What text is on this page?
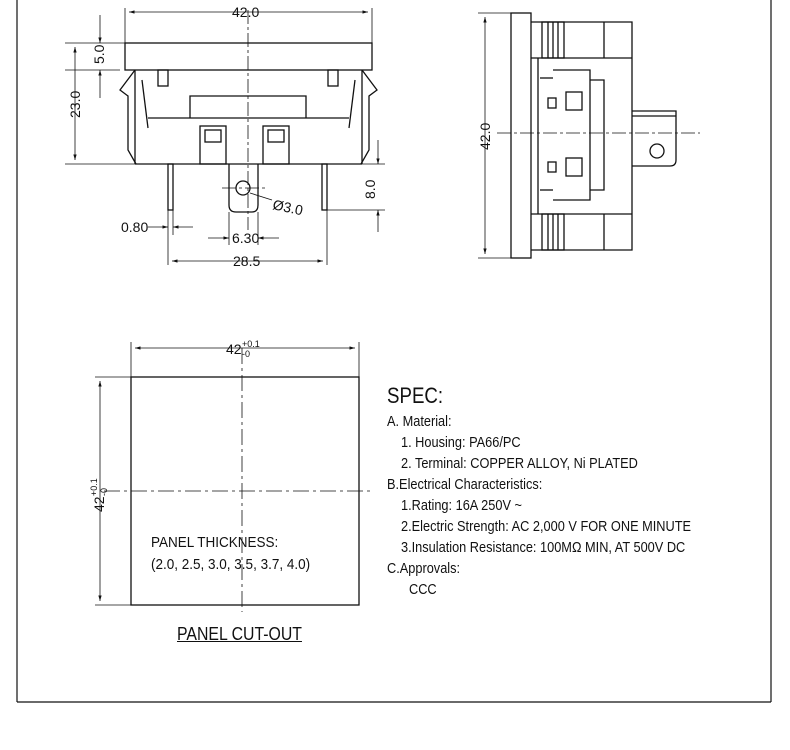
42.0
5.0
23.0
8.0
0.80
6.30
28.5
Ø3.0
42.0
42 +0.1
-0
42
+0.1 -0
PANEL THICKNESS:
(2.0, 2.5, 3.0, 3.5, 3.7, 4.0)
PANEL CUT-OUT
SPEC:
A. Material:
1. Housing: PA66/PC
2. Terminal: COPPER ALLOY, Ni PLATED
B.Electrical Characteristics:
1.Rating: 16A 250V ~
2.Electric Strength: AC 2,000 V FOR ONE MINUTE
3.Insulation Resistance: 100MΩ MIN, AT 500V DC
C.Approvals:
CCC
